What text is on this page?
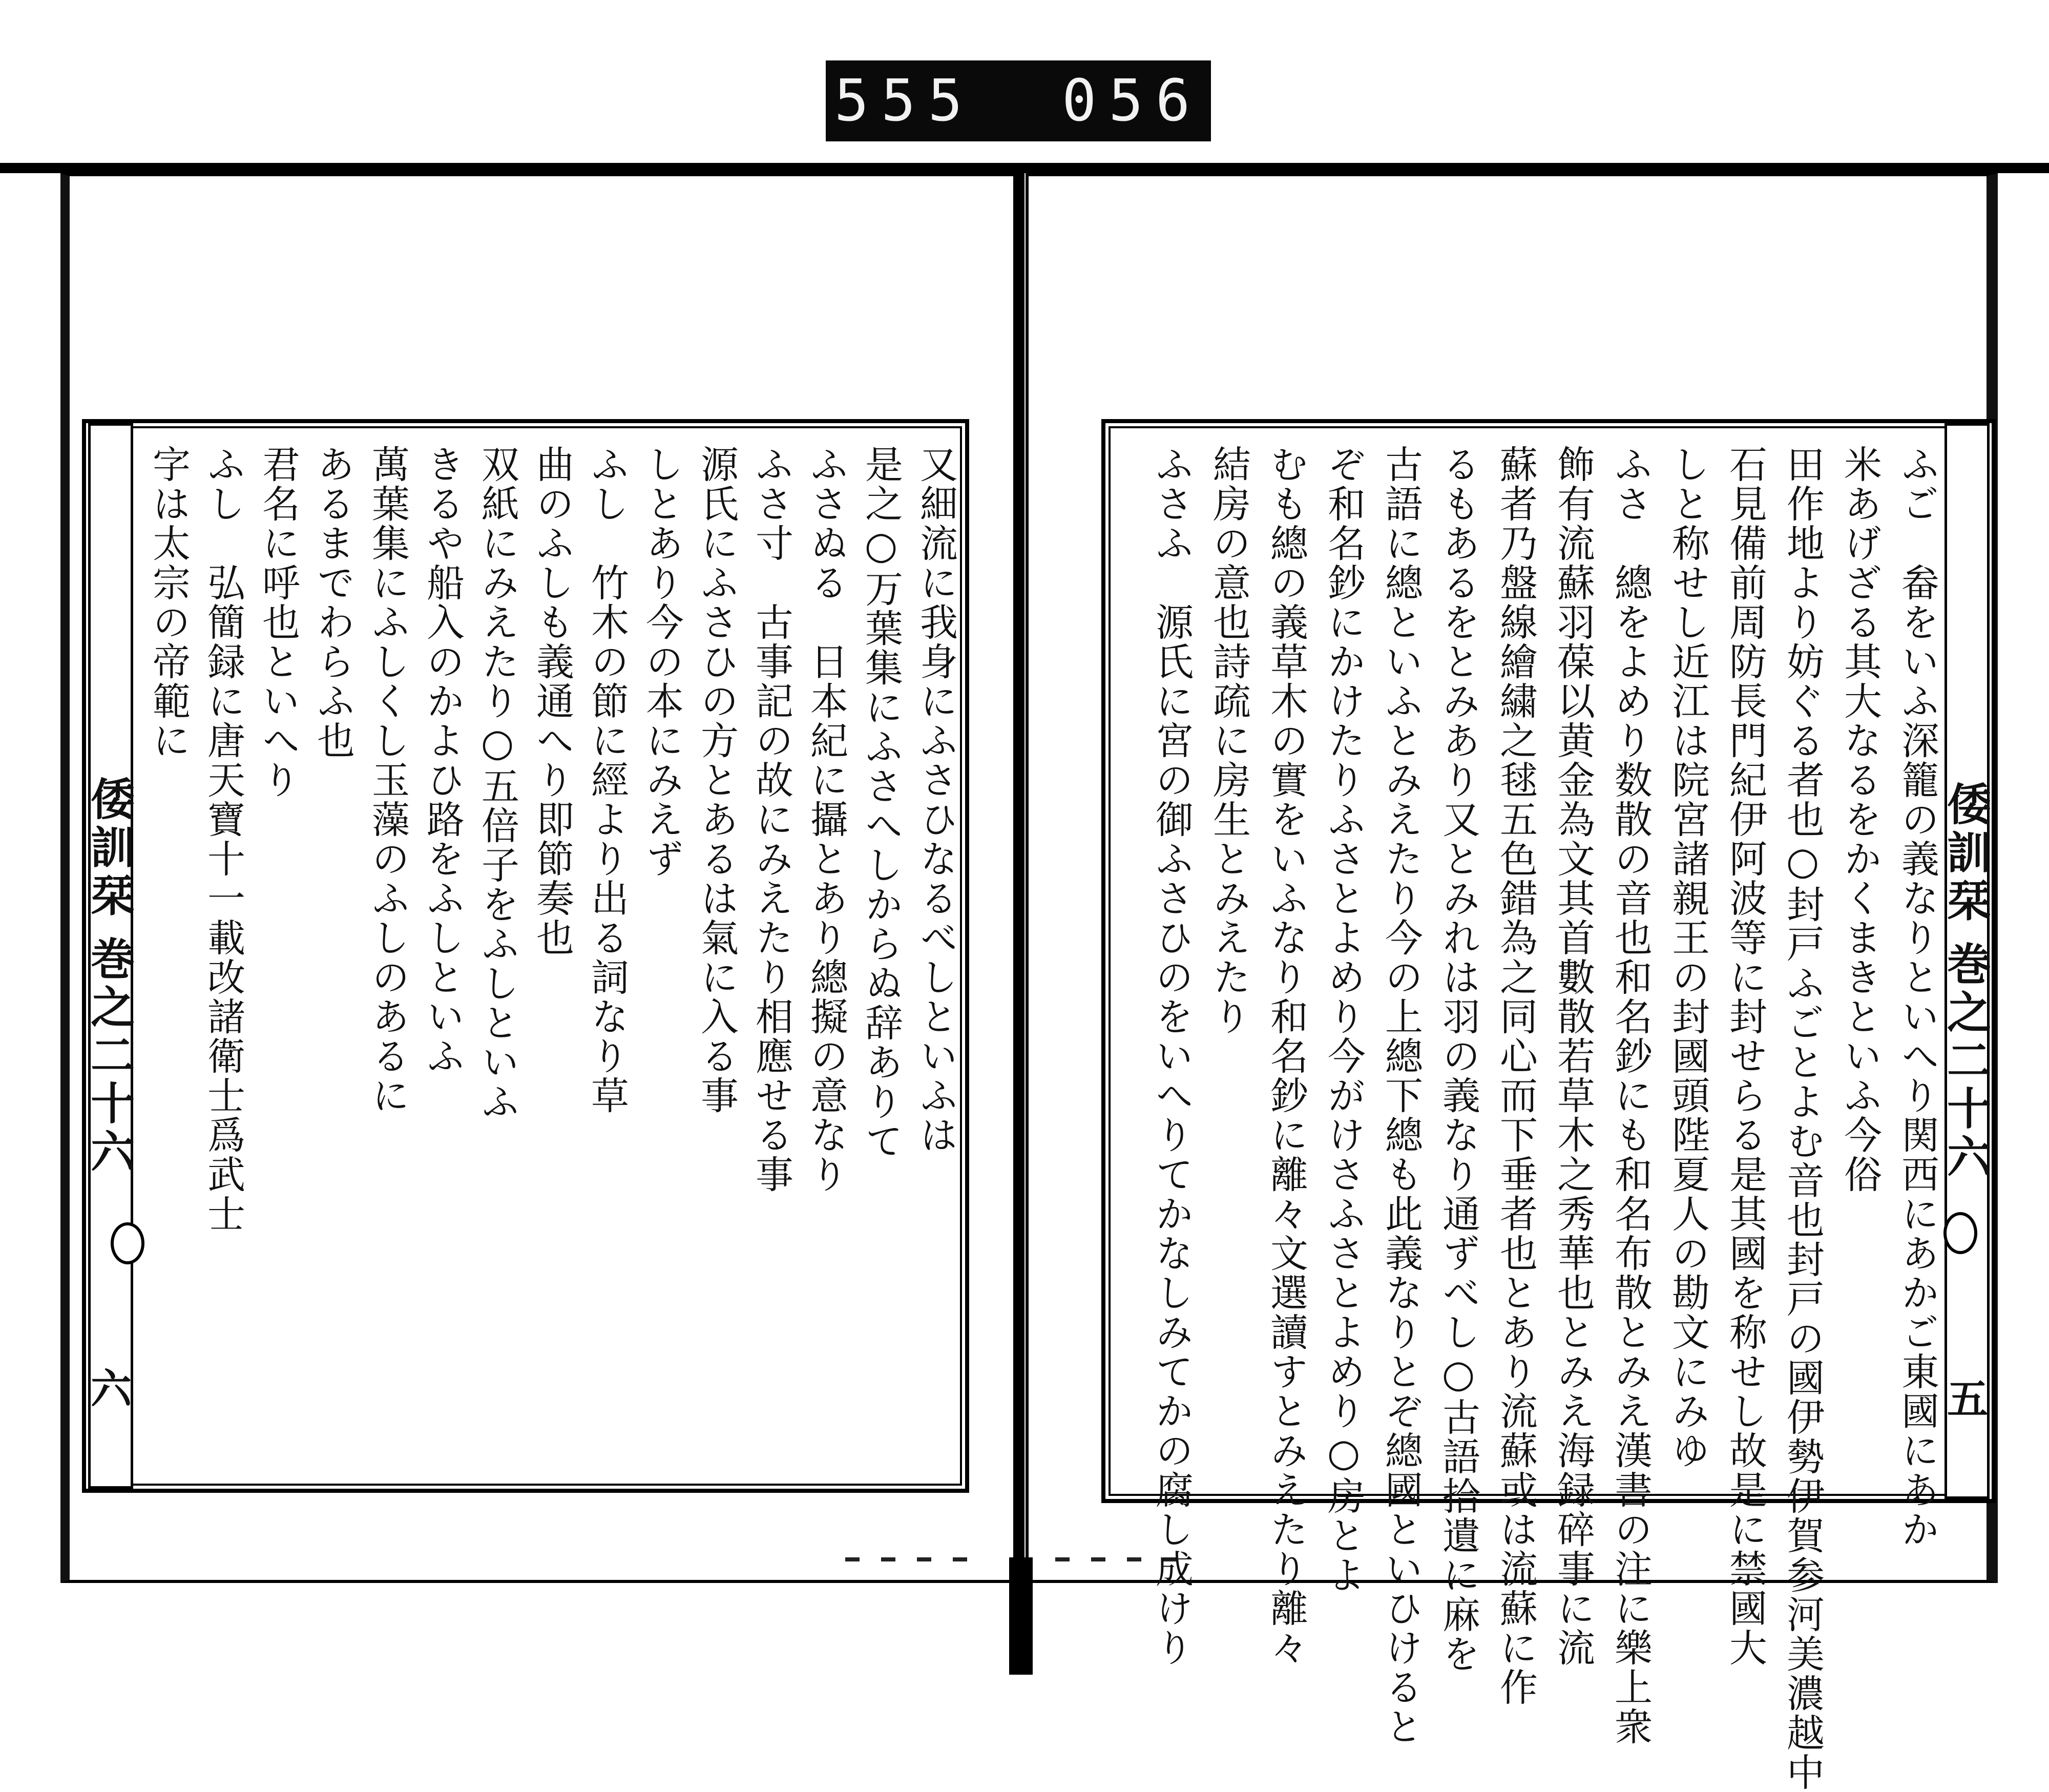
555 056
倭訓栞
巻之二十六
六
又細流に我身にふさひなるべしといふは
是之○万葉集にふさへしからぬ辞ありて
ふさぬる　日本紀に攝とあり總擬の意なり
ふさ寸　古事記の故にみえたり相應せる事
源氏にふさひの方とあるは氣に入る事
しとあり今の本にみえず
ふし　竹木の節に經より出る詞なり草
曲のふしも義通へり即節奏也
双紙にみえたり○五倍子をふしといふ
きるや船入のかよひ路をふしといふ
萬葉集にふしくし玉藻のふしのあるに
あるまでわらふ也
君名に呼也といへり
ふし　弘簡録に唐天寶十一載改諸衛士爲武士
字は太宗の帝範に
倭訓栞
巻之二十六
五
ふご　畚をいふ深籠の義なりといへり関西にあかご東國にあか
米あげざる其大なるをかくまきといふ今俗
田作地より妨ぐる者也○封戸ふごとよむ音也封戸の國伊勢伊賀参河美濃越中
石見備前周防長門紀伊阿波等に封せらる是其國を称せし故是に禁國大
しと称せし近江は院宮諸親王の封國頭陛夏人の勘文にみゆ
ふさ　總をよめり数散の音也和名鈔にも和名布散とみえ漢書の注に樂上衆
飾有流蘇羽葆以黄金為文其首數散若草木之秀華也とみえ海録碎事に流
蘇者乃盤線繪繍之毬五色錯為之同心而下垂者也とあり流蘇或は流蘇に作
るもあるをとみあり又とみれは羽の義なり通ずべし○古語拾遺に麻を
古語に總といふとみえたり今の上總下總も此義なりとぞ總國といひけると
ぞ和名鈔にかけたりふさとよめり今がけさふさとよめり○房とよ
むも總の義草木の實をいふなり和名鈔に離々文選讀すとみえたり離々
結房の意也詩疏に房生とみえたり
ふさふ　源氏に宮の御ふさひのをいへりてかなしみてかの腐し成けり
